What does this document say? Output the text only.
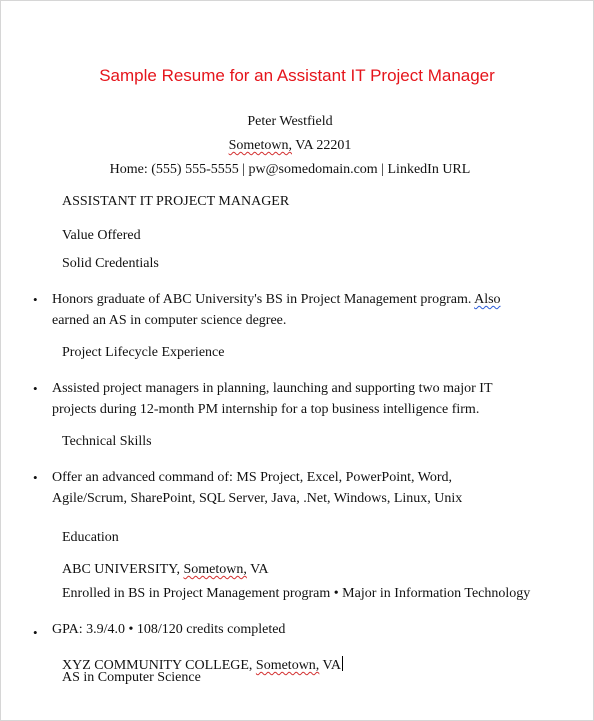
Sample Resume for an Assistant IT Project Manager
Peter Westfield
Sometown, VA 22201
Home: (555) 555-5555 | pw@somedomain.com | LinkedIn URL
ASSISTANT IT PROJECT MANAGER
Value Offered
Solid Credentials
• Honors graduate of ABC University's BS in Project Management program. Also earned an AS in computer science degree.
Project Lifecycle Experience
• Assisted project managers in planning, launching and supporting two major IT projects during 12-month PM internship for a top business intelligence firm.
Technical Skills
• Offer an advanced command of: MS Project, Excel, PowerPoint, Word, Agile/Scrum, SharePoint, SQL Server, Java, .Net, Windows, Linux, Unix
Education
ABC UNIVERSITY, Sometown, VA
Enrolled in BS in Project Management program • Major in Information Technology
• GPA: 3.9/4.0 • 108/120 credits completed
XYZ COMMUNITY COLLEGE, Sometown, VA
AS in Computer Science
